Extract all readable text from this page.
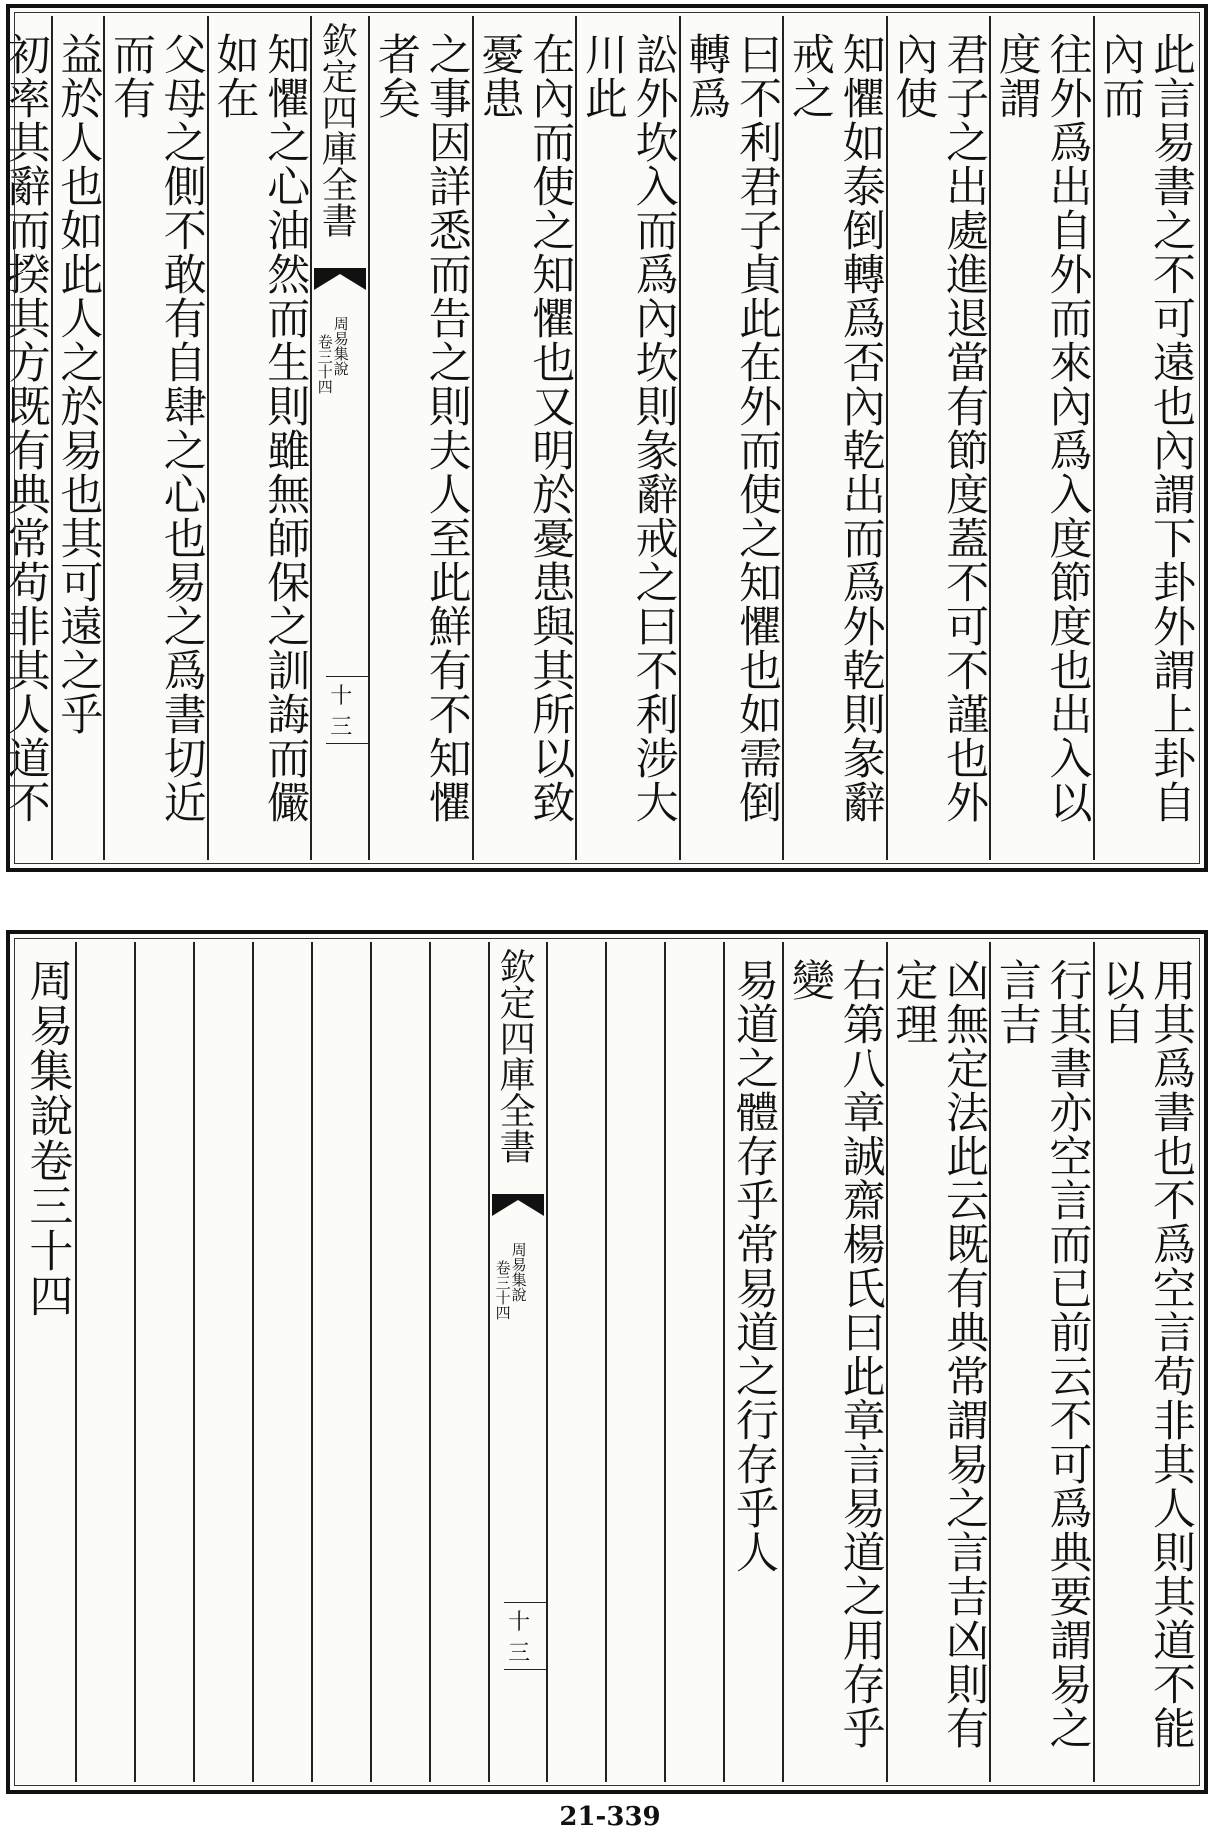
此言易書之不可遠也內謂下卦外謂上卦自內而
往外爲出自外而來內爲入度節度也出入以度謂
君子之出處進退當有節度蓋不可不謹也外內使
知懼如泰倒轉爲否內乾出而爲外乾則彖辭戒之
曰不利君子貞此在外而使之知懼也如需倒轉爲
訟外坎入而爲內坎則彖辭戒之曰不利涉大川此
在內而使之知懼也又明於憂患與其所以致憂患
之事因詳悉而告之則夫人至此鮮有不知懼者矣
欽定四庫全書
周易集說
卷三十四
十三
知懼之心油然而生則雖無師保之訓誨而儼如在
父母之側不敢有自肆之心也易之爲書切近而有
益於人也如此人之於易也其可遠之乎
初率其辭而揆其方既有典常苟非其人道不
用其爲書也不爲空言苟非其人則其道不能以自
行其書亦空言而已前云不可爲典要謂易之言吉
凶無定法此云既有典常謂易之言吉凶則有定理
右第八章誠齋楊氏曰此章言易道之用存乎變
易道之體存乎常易道之行存乎人
欽定四庫全書
周易集說
卷三十四
十三
周易集說卷三十四
21-339
